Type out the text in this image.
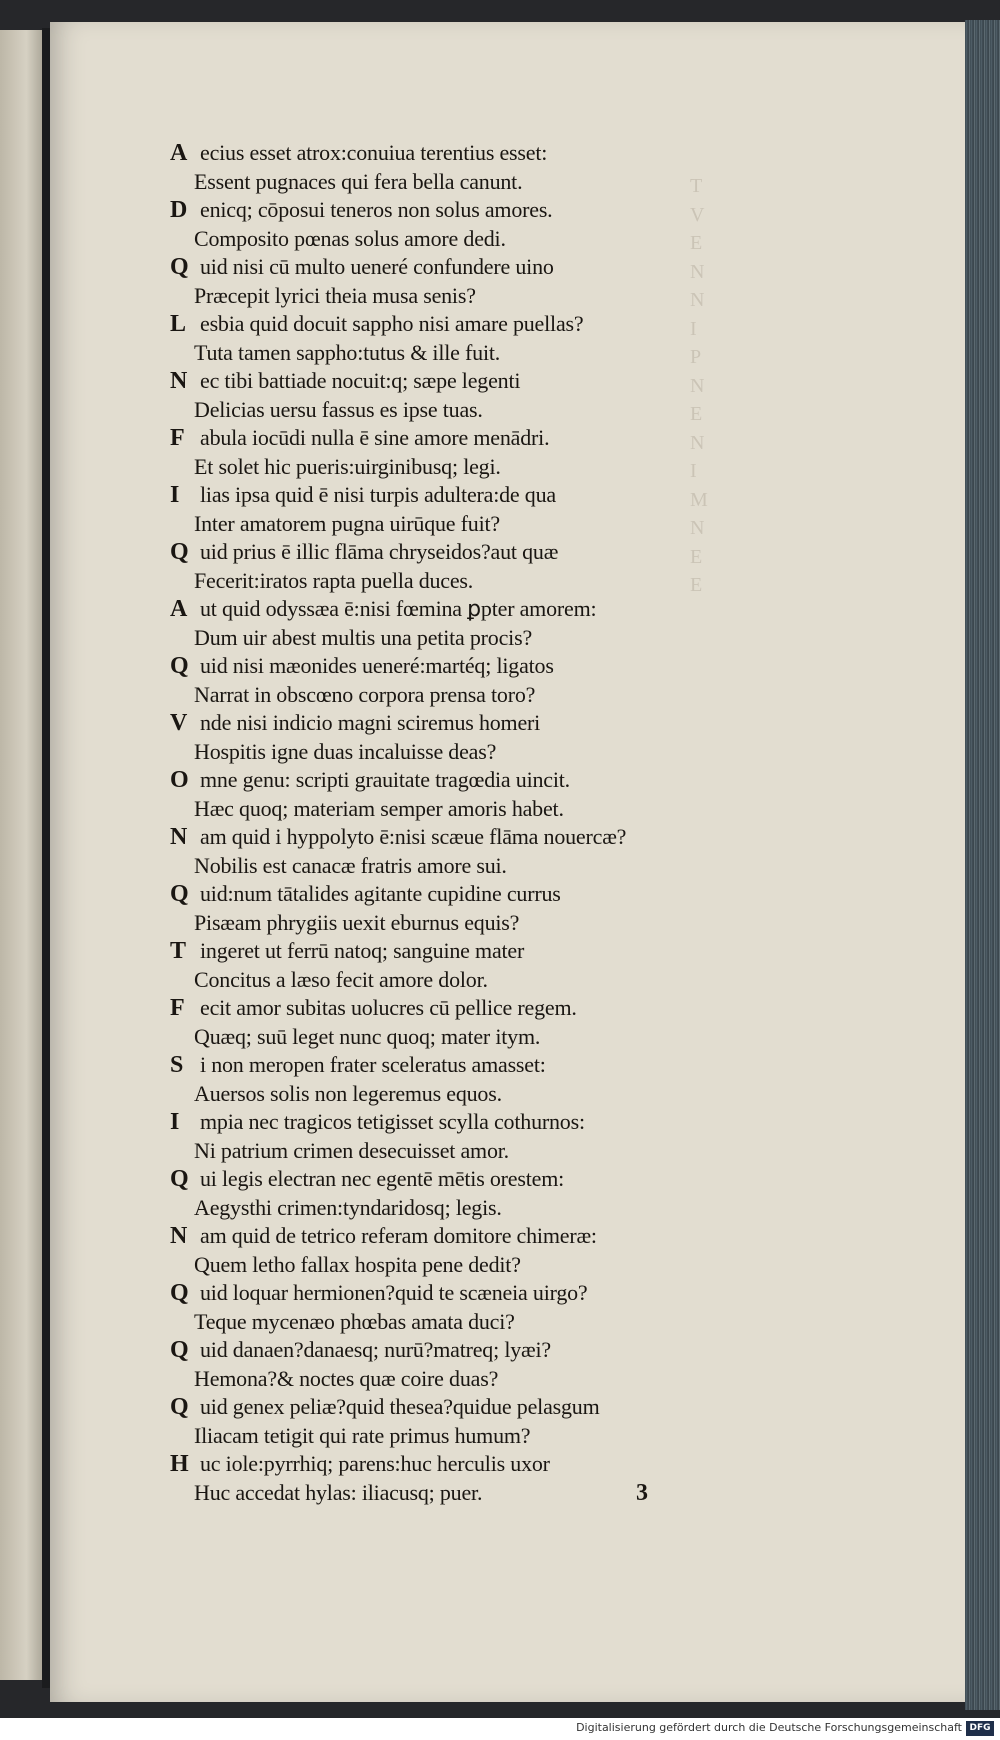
T
V
E
N
N
I
P
N
E
N
I
M
N
E
E
A ecius esset atrox:conuiua terentius esset:
Essent pugnaces qui fera bella canunt.
D enicq; cōposui teneros non solus amores.
Composito pœnas solus amore dedi.
Q uid nisi cū multo ueneré confundere uino
Præcepit lyrici theia musa senis?
L esbia quid docuit sappho nisi amare puellas?
Tuta tamen sappho:tutus & ille fuit.
N ec tibi battiade nocuit:q; sæpe legenti
Delicias uersu fassus es ipse tuas.
F abula iocūdi nulla ē sine amore menādri.
Et solet hic pueris:uirginibusq; legi.
I lias ipsa quid ē nisi turpis adultera:de qua
Inter amatorem pugna uirūque fuit?
Q uid prius ē illic flāma chryseidos?aut quæ
Fecerit:iratos rapta puella duces.
A ut quid odyssæa ē:nisi fœmina ꝑpter amorem:
Dum uir abest multis una petita procis?
Q uid nisi mæonides ueneré:martéq; ligatos
Narrat in obscœno corpora prensa toro?
V nde nisi indicio magni sciremus homeri
Hospitis igne duas incaluisse deas?
O mne genu: scripti grauitate tragœdia uincit.
Hæc quoq; materiam semper amoris habet.
N am quid i hyppolyto ē:nisi scæue flāma nouercæ?
Nobilis est canacæ fratris amore sui.
Q uid:num tātalides agitante cupidine currus
Pisæam phrygiis uexit eburnus equis?
T ingeret ut ferrū natoq; sanguine mater
Concitus a læso fecit amore dolor.
F ecit amor subitas uolucres cū pellice regem.
Quæq; suū leget nunc quoq; mater itym.
S i non meropen frater sceleratus amasset:
Auersos solis non legeremus equos.
I mpia nec tragicos tetigisset scylla cothurnos:
Ni patrium crimen desecuisset amor.
Q ui legis electran nec egentē mētis orestem:
Aegysthi crimen:tyndaridosq; legis.
N am quid de tetrico referam domitore chimeræ:
Quem letho fallax hospita pene dedit?
Q uid loquar hermionen?quid te scæneia uirgo?
Teque mycenæo phœbas amata duci?
Q uid danaen?danaesq; nurū?matreq; lyæi?
Hemona?& noctes quæ coire duas?
Q uid genex peliæ?quid thesea?quidue pelasgum
Iliacam tetigit qui rate primus humum?
H uc iole:pyrrhiq; parens:huc herculis uxor
Huc accedat hylas: iliacusq; puer.	3
Digitalisierung gefördert durch die Deutsche Forschungsgemeinschaft DFG
